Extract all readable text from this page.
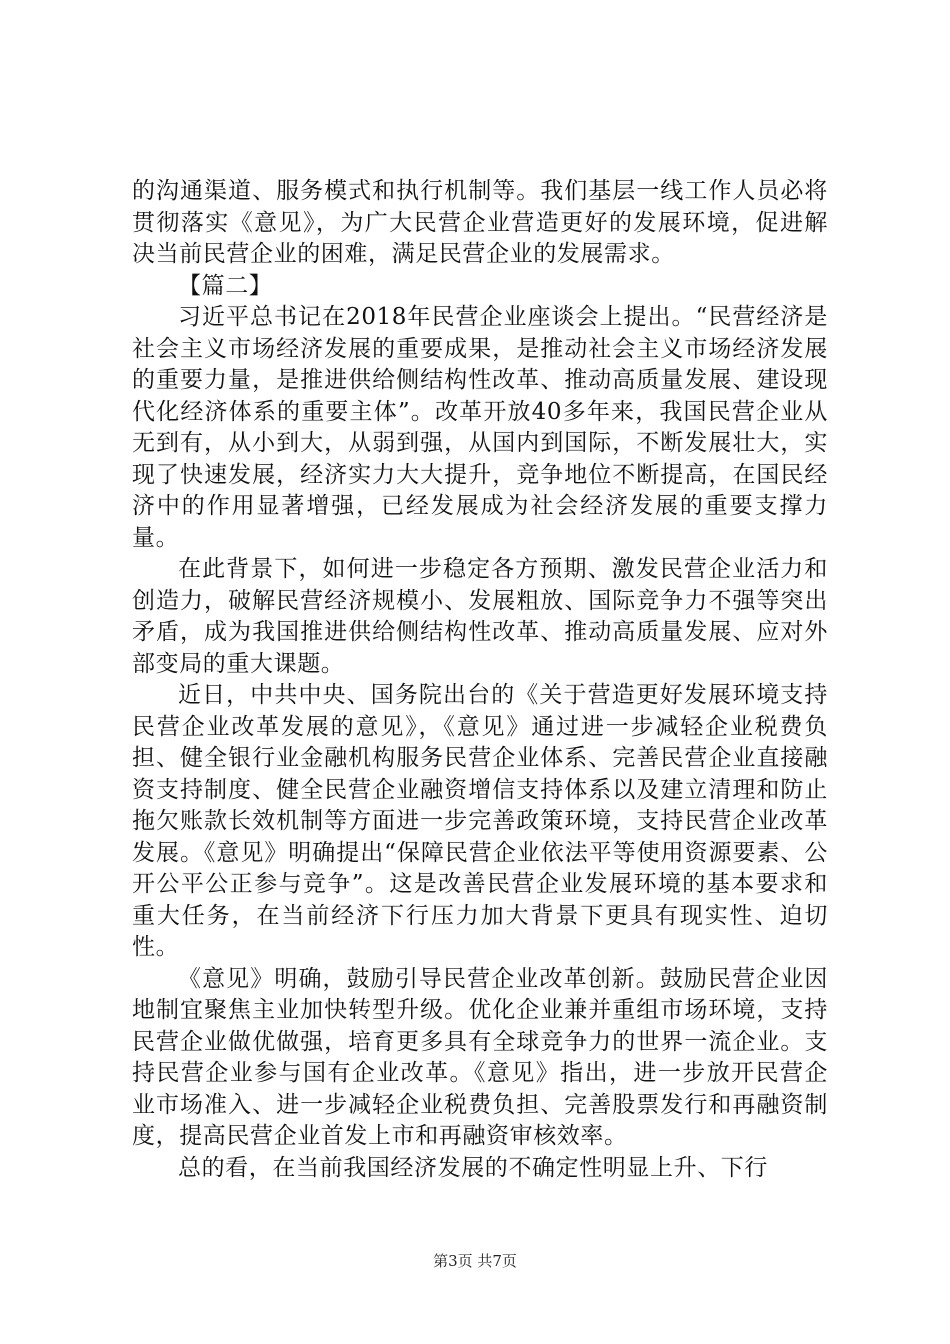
的沟通渠道、服务模式和执行机制等。我们基层一线工作人员必将贯彻落实《意见》，为广大民营企业营造更好的发展环境，促进解决当前民营企业的困难，满足民营企业的发展需求。

【篇二】

习近平总书记在2018年民营企业座谈会上提出。“民营经济是社会主义市场经济发展的重要成果，是推动社会主义市场经济发展的重要力量，是推进供给侧结构性改革、推动高质量发展、建设现代化经济体系的重要主体”。改革开放40多年来，我国民营企业从无到有，从小到大，从弱到强，从国内到国际，不断发展壮大，实现了快速发展，经济实力大大提升，竞争地位不断提高，在国民经济中的作用显著增强，已经发展成为社会经济发展的重要支撑力量。

在此背景下，如何进一步稳定各方预期、激发民营企业活力和创造力，破解民营经济规模小、发展粗放、国际竞争力不强等突出矛盾，成为我国推进供给侧结构性改革、推动高质量发展、应对外部变局的重大课题。

近日，中共中央、国务院出台的《关于营造更好发展环境支持民营企业改革发展的意见》，《意见》通过进一步减轻企业税费负担、健全银行业金融机构服务民营企业体系、完善民营企业直接融资支持制度、健全民营企业融资增信支持体系以及建立清理和防止拖欠账款长效机制等方面进一步完善政策环境，支持民营企业改革发展。《意见》明确提出“保障民营企业依法平等使用资源要素、公开公平公正参与竞争”。这是改善民营企业发展环境的基本要求和重大任务，在当前经济下行压力加大背景下更具有现实性、迫切性。

《意见》明确，鼓励引导民营企业改革创新。鼓励民营企业因地制宜聚焦主业加快转型升级。优化企业兼并重组市场环境，支持民营企业做优做强，培育更多具有全球竞争力的世界一流企业。支持民营企业参与国有企业改革。《意见》指出，进一步放开民营企业市场准入、进一步减轻企业税费负担、完善股票发行和再融资制度，提高民营企业首发上市和再融资审核效率。

总的看，在当前我国经济发展的不确定性明显上升、下行

第3页 共7页
